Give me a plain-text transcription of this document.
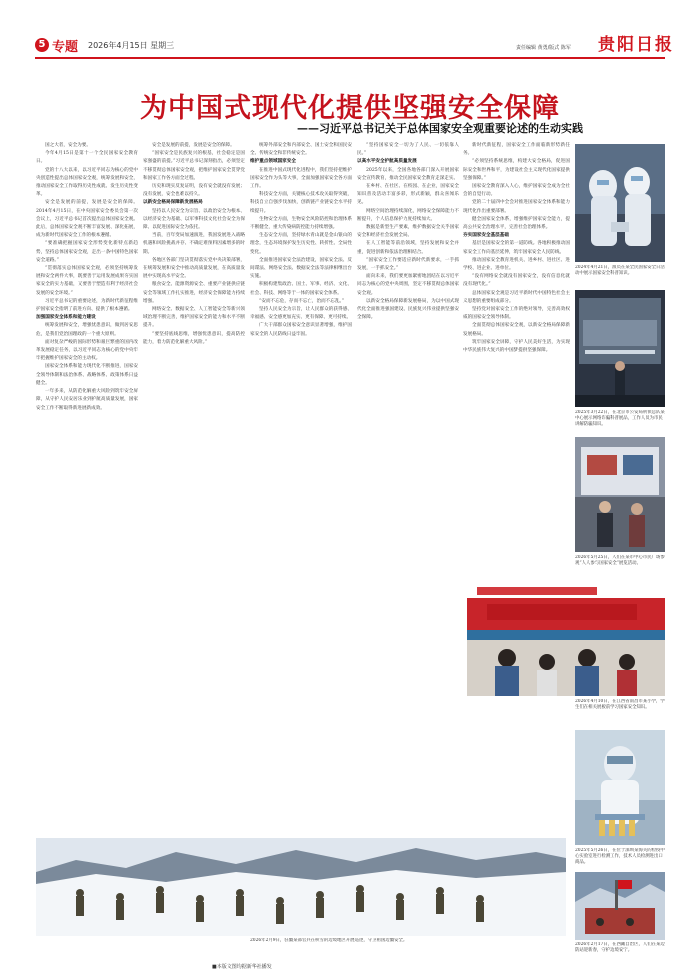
5 专题 2026年4月15日 星期三	责任编辑 黄勇/版式 陈军 贵阳日报
为中国式现代化提供坚强安全保障
——习近平总书记关于总体国家安全观重要论述的生动实践

国之大者，安全为要。

今年4月15日是第十一个全民国家安全教育日。

党的十八大以来，以习近平同志为核心的党中央创造性提出总体国家安全观，统筹发展和安全，推动国家安全工作取得历史性成就、发生历史性变革。

安全是发展的前提，发展是安全的保障。2014年4月15日，在中央国家安全委员会第一次会议上，习近平总书记首次提出总体国家安全观。此后，总体国家安全观不断丰富发展、深化拓展，成为新时代国家安全工作的根本遵循。

“要准确把握国家安全形势变化新特点新趋势，坚持总体国家安全观，走出一条中国特色国家安全道路。”

“贯彻落实总体国家安全观，必须坚持统筹发展和安全两件大事，既要善于运用发展成果夯实国家安全的实力基础，又要善于塑造有利于经济社会发展的安全环境。”

习近平总书记的重要论述，为新时代新征程维护国家安全指明了前进方向、提供了根本遵循。

加强国家安全体系和能力建设

统筹发展和安全，增强忧患意识，做到居安思危，是我们党治国理政的一个重大原则。

面对复杂严峻的国际形势和艰巨繁重的国内改革发展稳定任务，以习近平同志为核心的党中央牢牢把握维护国家安全的主动权。

国家安全体系和能力现代化不断推进，国家安全领导体制和法治体系、战略体系、政策体系日益健全。

一年多来，从防范化解重大风险到筑牢安全屏障，从守护人民安居乐业到护航高质量发展，国家安全工作不断取得新进展新成效。

安全是发展的前提，发展是安全的保障。

“国家安全是民族复兴的根基，社会稳定是国家强盛的前提。”习近平总书记深刻指出，必须坚定不移贯彻总体国家安全观，把维护国家安全贯穿党和国家工作各方面全过程。

历史和现实反复证明，没有安全就没有发展；没有发展，安全也难以持久。

以新安全格局保障新发展格局

坚持以人民安全为宗旨、以政治安全为根本、以经济安全为基础、以军事科技文化社会安全为保障、以促进国际安全为依托。

当前，百年变局加速演进，我国发展进入战略机遇和风险挑战并存、不确定难预料因素增多的时期。

各地区各部门坚决贯彻落实党中央决策部署，在统筹发展和安全中推动高质量发展，在高质量发展中实现高水平安全。

粮食安全、能源资源安全、重要产业链供应链安全等领域工作扎实推进，经济安全保障能力持续增强。

网络安全、数据安全、人工智能安全等新兴领域治理不断完善，维护国家安全的能力和水平不断提升。

“要坚持底线思维，增强忧患意识，提高防控能力，着力防范化解重大风险。”

统筹外部安全和内部安全、国土安全和国民安全、传统安全和非传统安全。

维护重点领域国家安全

在推进中国式现代化进程中，我们坚持把维护国家安全作为头等大事，全面加强国家安全各方面工作。

科技安全方面，关键核心技术攻关取得突破，科技自立自强步伐加快，创新链产业链安全水平持续提升。

生物安全方面，生物安全风险防控和治理体系不断健全，重大传染病防控能力持续增强。

生态安全方面，坚持绿水青山就是金山银山的理念，生态环境保护发生历史性、转折性、全局性变化。

全面推进国家安全法治建设，国家安全法、反间谍法、网络安全法、数据安全法等法律相继出台实施。

积极构建集政治、国土、军事、经济、文化、社会、科技、网络等于一体的国家安全体系。

“安而不忘危，存而不忘亡，治而不忘乱。”

坚持人民安全为宗旨，让人民群众的获得感、幸福感、安全感更加充实、更有保障、更可持续。

广大干部群众国家安全意识显著增强，维护国家安全的人民防线日益牢固。

“坚持国家安全一切为了人民、一切依靠人民。”

以高水平安全护航高质量发展

2025年以来，全国各地各部门深入开展国家安全宣传教育，推动全民国家安全教育走深走实。

在乡村、在社区、在校园、在企业，国家安全知识普及活动丰富多彩，形式新颖，群众喜闻乐见。

网络空间治理持续深化，网络安全保障能力不断提升，个人信息保护力度持续加大。

数据是新型生产要素，维护数据安全关乎国家安全和经济社会发展全局。

在人工智能等前沿领域，坚持发展和安全并重，促进创新和依法治理相结合。

“国家安全工作要适应新时代新要求，一手抓发展，一手抓安全。”

面向未来，我们要更加紧密地团结在以习近平同志为核心的党中央周围，坚定不移贯彻总体国家安全观。

以新安全格局保障新发展格局，为以中国式现代化全面推进强国建设、民族复兴伟业提供坚强安全保障。

新时代新征程，国家安全工作面临新形势新任务。

“必须坚持系统思维，构建大安全格局，促进国际安全和世界和平，为建设社会主义现代化国家提供坚强保障。”

国家安全教育深入人心，维护国家安全成为全社会的自觉行动。

党的二十届四中全会对推进国家安全体系和能力现代化作出重要部署。

健全国家安全体系，增强维护国家安全能力，提高公共安全治理水平，完善社会治理体系。

夯实国家安全基层基础

基层是国家安全的第一道防线。各地积极推动国家安全工作向基层延伸，筑牢国家安全人民防线。

推动国家安全教育进机关、进乡村、进社区、进学校、进企业、进单位。

“没有网络安全就没有国家安全，没有信息化就没有现代化。”

总体国家安全观是习近平新时代中国特色社会主义思想的重要组成部分。

坚持党对国家安全工作的绝对领导，完善高效权威的国家安全领导体制。

全面贯彻总体国家安全观，以新安全格局保障新发展格局。

筑牢国家安全屏障，守护人民美好生活，为实现中华民族伟大复兴的中国梦提供坚强保障。

2024年4月21日，演员在某全民国家安全日活动中展示国家安全科普知识。
2025年3月22日，在北京市公安局刑侦总队某中心展示网络诈骗科普展品，工作人员为市民讲解防骗知识。
2026年5月25日，人们在某市中心市民广场参观“人人参与国家安全”展览活动。
2026年4月10日，在江西省南昌市某小学，学生们在相关展板前学习国家安全知识。
2025年5月26日，在位于深圳某海关的检疫中心实验室进行检测工作，技术人员检测进出口商品。
2026年2月9日，驻疆某部官兵在积雪的边境地区开展巡逻，守卫祖国边疆安全。
2026年2月17日，在西藏自治区，人们在某边防站迎新春，守护边境安宁。
■本版文图均据新华社播发
